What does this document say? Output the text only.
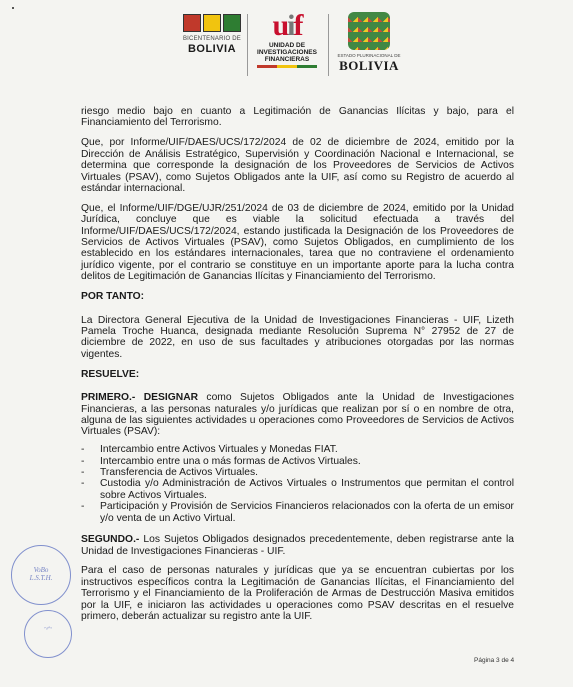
BICENTENARIO DE
BOLIVIA
uif
UNIDAD DE
INVESTIGACIONES
FINANCIERAS
ESTADO PLURINACIONAL DE
BOLIVIA

riesgo medio bajo en cuanto a Legitimación de Ganancias Ilícitas y bajo, para el Financiamiento del Terrorismo.

Que, por Informe/UIF/DAES/UCS/172/2024 de 02 de diciembre de 2024, emitido por la Dirección de Análisis Estratégico, Supervisión y Coordinación Nacional e Internacional, se determina que corresponde la designación de los Proveedores de Servicios de Activos Virtuales (PSAV), como Sujetos Obligados ante la UIF, así como su Registro de acuerdo al estándar internacional.

Que, el Informe/UIF/DGE/UJR/251/2024 de 03 de diciembre de 2024, emitido por la Unidad Jurídica, concluye que es viable la solicitud efectuada a través del Informe/UIF/DAES/UCS/172/2024, estando justificada la Designación de los Proveedores de Servicios de Activos Virtuales (PSAV), como Sujetos Obligados, en cumplimiento de los establecido en los estándares internacionales, tarea que no contraviene el ordenamiento jurídico vigente, por el contrario se constituye en un importante aporte para la lucha contra delitos de Legitimación de Ganancias Ilícitas y Financiamiento del Terrorismo.

POR TANTO:

La Directora General Ejecutiva de la Unidad de Investigaciones Financieras - UIF, Lizeth Pamela Troche Huanca, designada mediante Resolución Suprema N° 27952 de 27 de diciembre de 2022, en uso de sus facultades y atribuciones otorgadas por las normas vigentes.

RESUELVE:

PRIMERO.- DESIGNAR como Sujetos Obligados ante la Unidad de Investigaciones Financieras, a las personas naturales y/o jurídicas que realizan por sí o en nombre de otra, alguna de las siguientes actividades u operaciones como Proveedores de Servicios de Activos Virtuales (PSAV):

- Intercambio entre Activos Virtuales y Monedas FIAT.
- Intercambio entre una o más formas de Activos Virtuales.
- Transferencia de Activos Virtuales.
- Custodia y/o Administración de Activos Virtuales o Instrumentos que permitan el control sobre Activos Virtuales.
- Participación y Provisión de Servicios Financieros relacionados con la oferta de un emisor y/o venta de un Activo Virtual.

SEGUNDO.- Los Sujetos Obligados designados precedentemente, deben registrarse ante la Unidad de Investigaciones Financieras - UIF.

Para el caso de personas naturales y jurídicas que ya se encuentran cubiertas por los instructivos específicos contra la Legitimación de Ganancias Ilícitas, el Financiamiento del Terrorismo y el Financiamiento de la Proliferación de Armas de Destrucción Masiva emitidos por la UIF, e iniciaron las actividades u operaciones como PSAV descritas en el resuelve primero, deberán actualizar su registro ante la UIF.

VoBo
L.S.T.H.
~⁄~
Página 3 de 4
